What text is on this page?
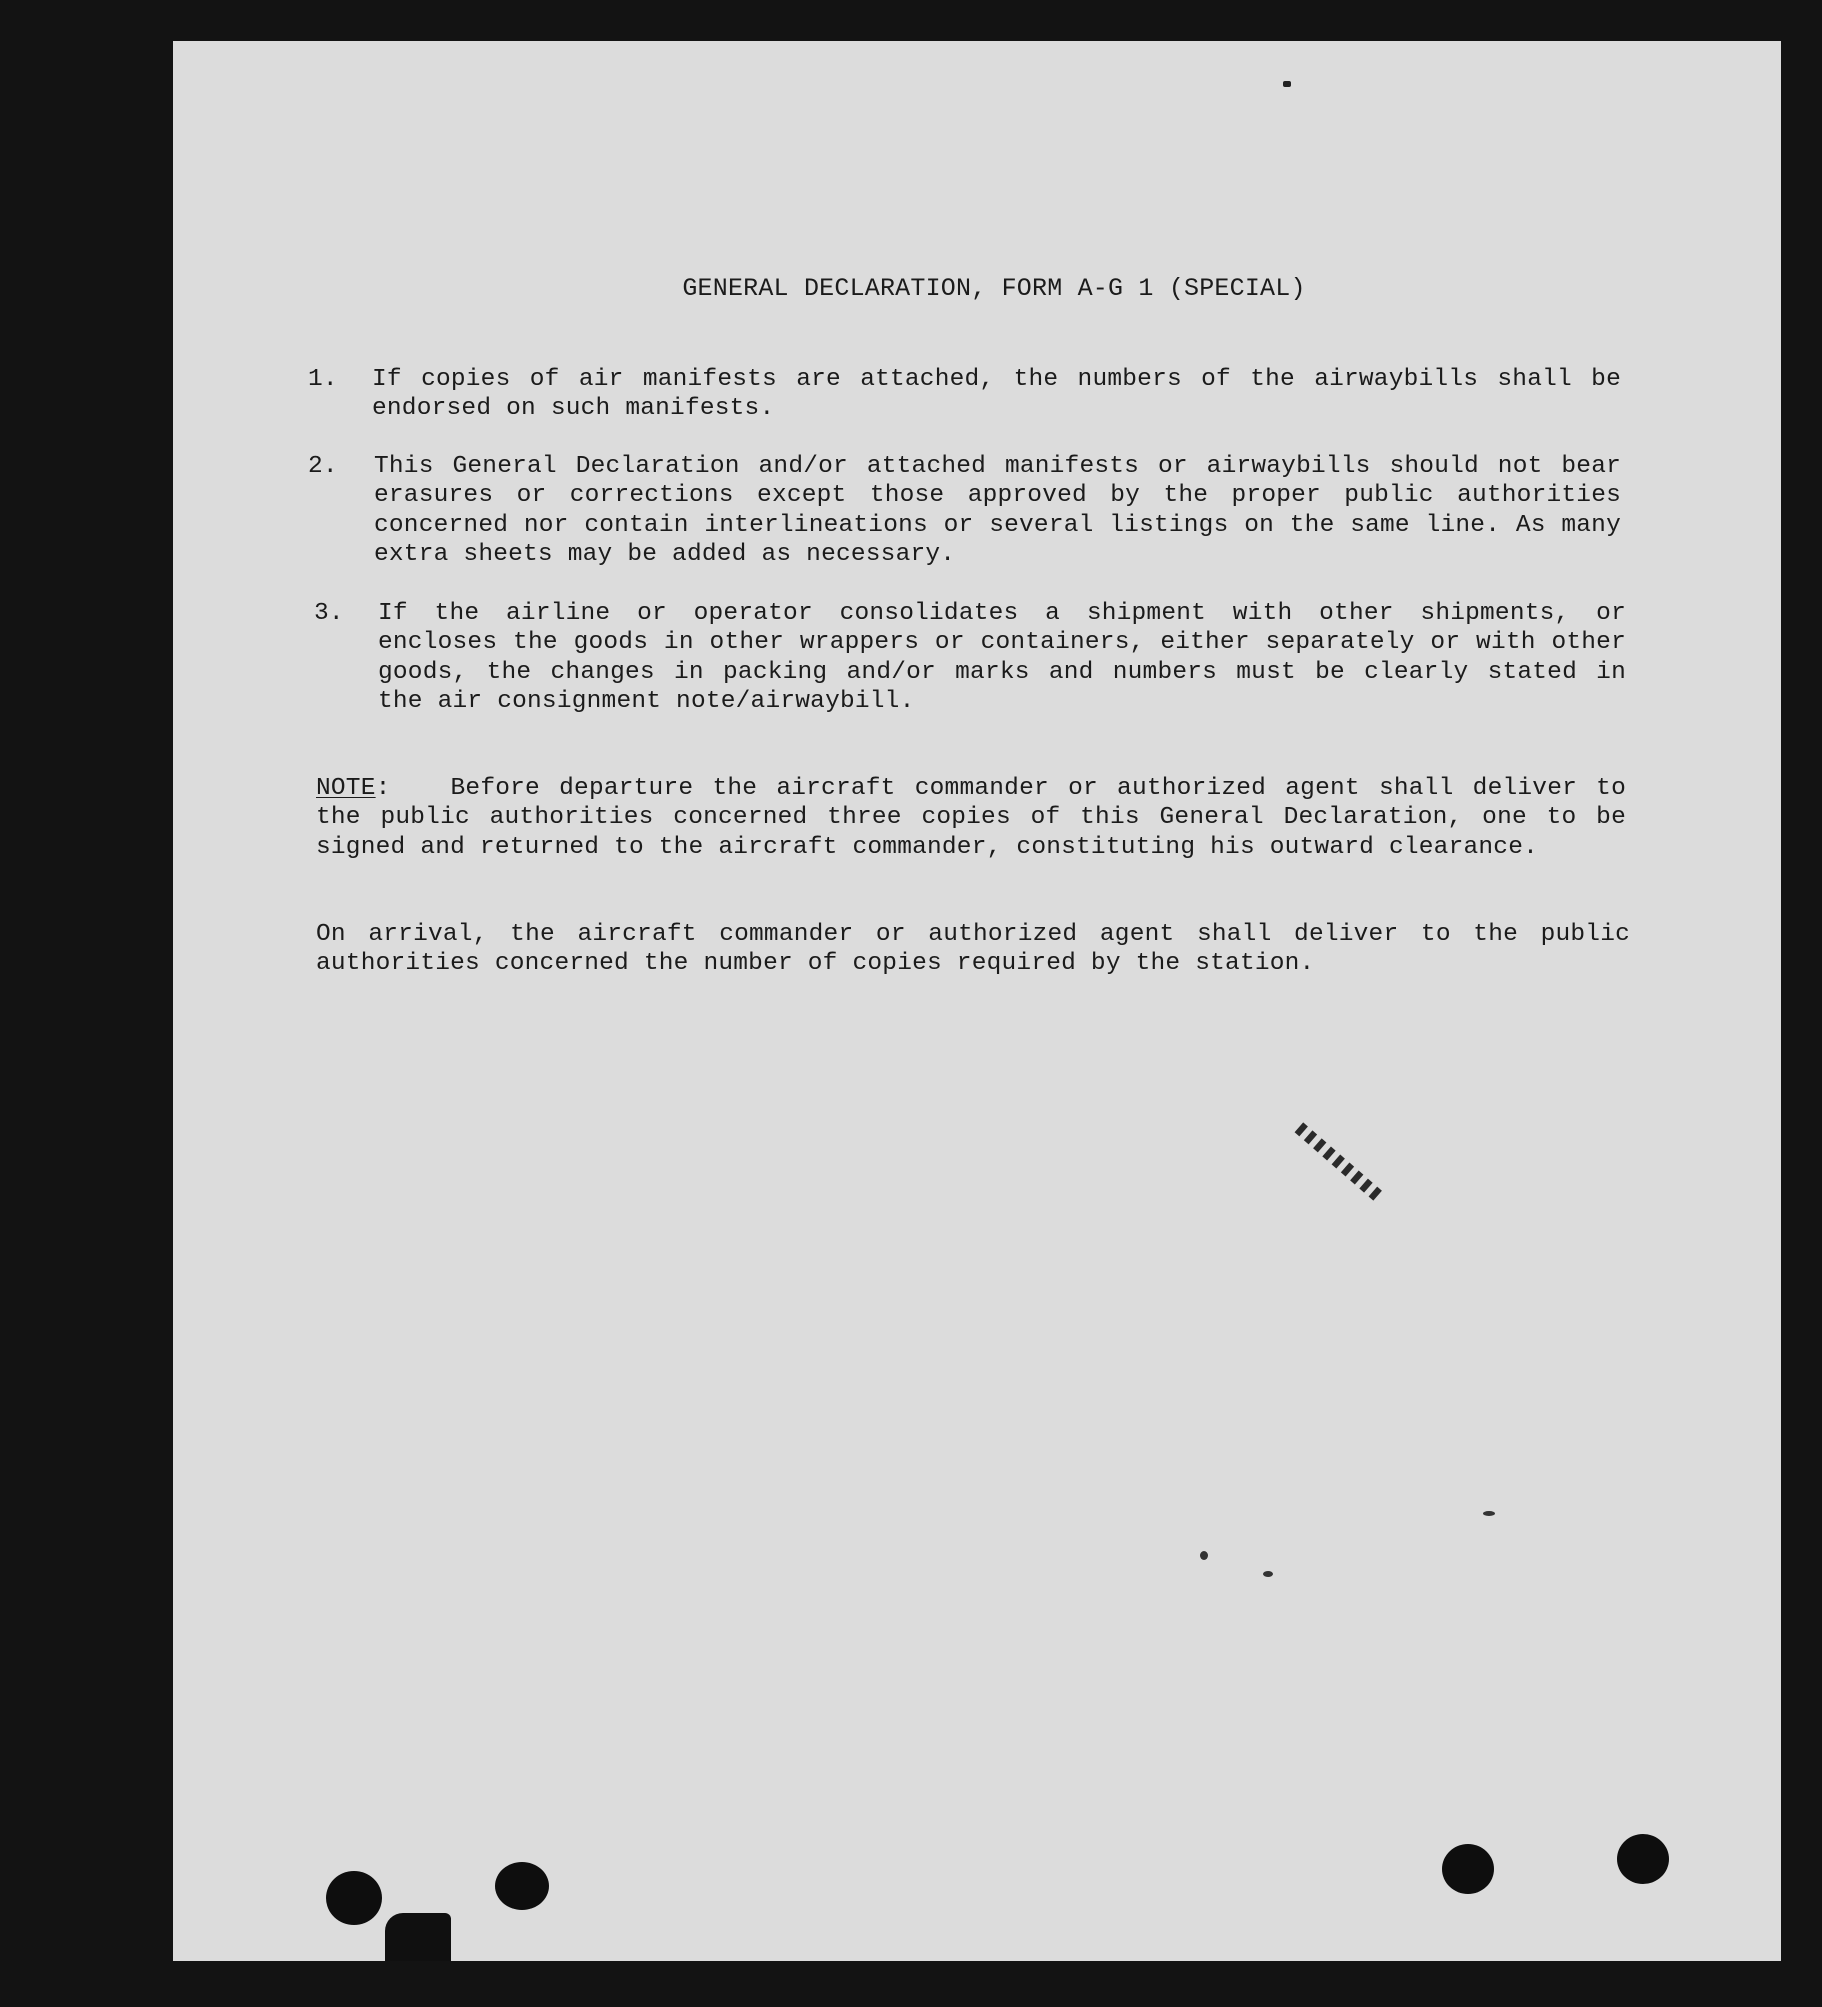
GENERAL DECLARATION, FORM A-G 1 (SPECIAL)
1. If copies of air manifests are attached, the numbers of the airwaybills shall be endorsed on such manifests.

2. This General Declaration and/or attached manifests or airwaybills should not bear erasures or corrections except those approved by the proper public authorities concerned nor contain interlineations or several listings on the same line. As many extra sheets may be added as necessary.

3. If the airline or operator consolidates a shipment with other shipments, or encloses the goods in other wrappers or containers, either separately or with other goods, the changes in packing and/or marks and numbers must be clearly stated in the air consignment note/airwaybill.

NOTE: Before departure the aircraft commander or authorized agent shall deliver to the public authorities concerned three copies of this General Declaration, one to be signed and returned to the aircraft commander, constituting his outward clearance.

On arrival, the aircraft commander or authorized agent shall deliver to the public authorities concerned the number of copies required by the station.

▮▮▮▮▮▮▮▮▮
